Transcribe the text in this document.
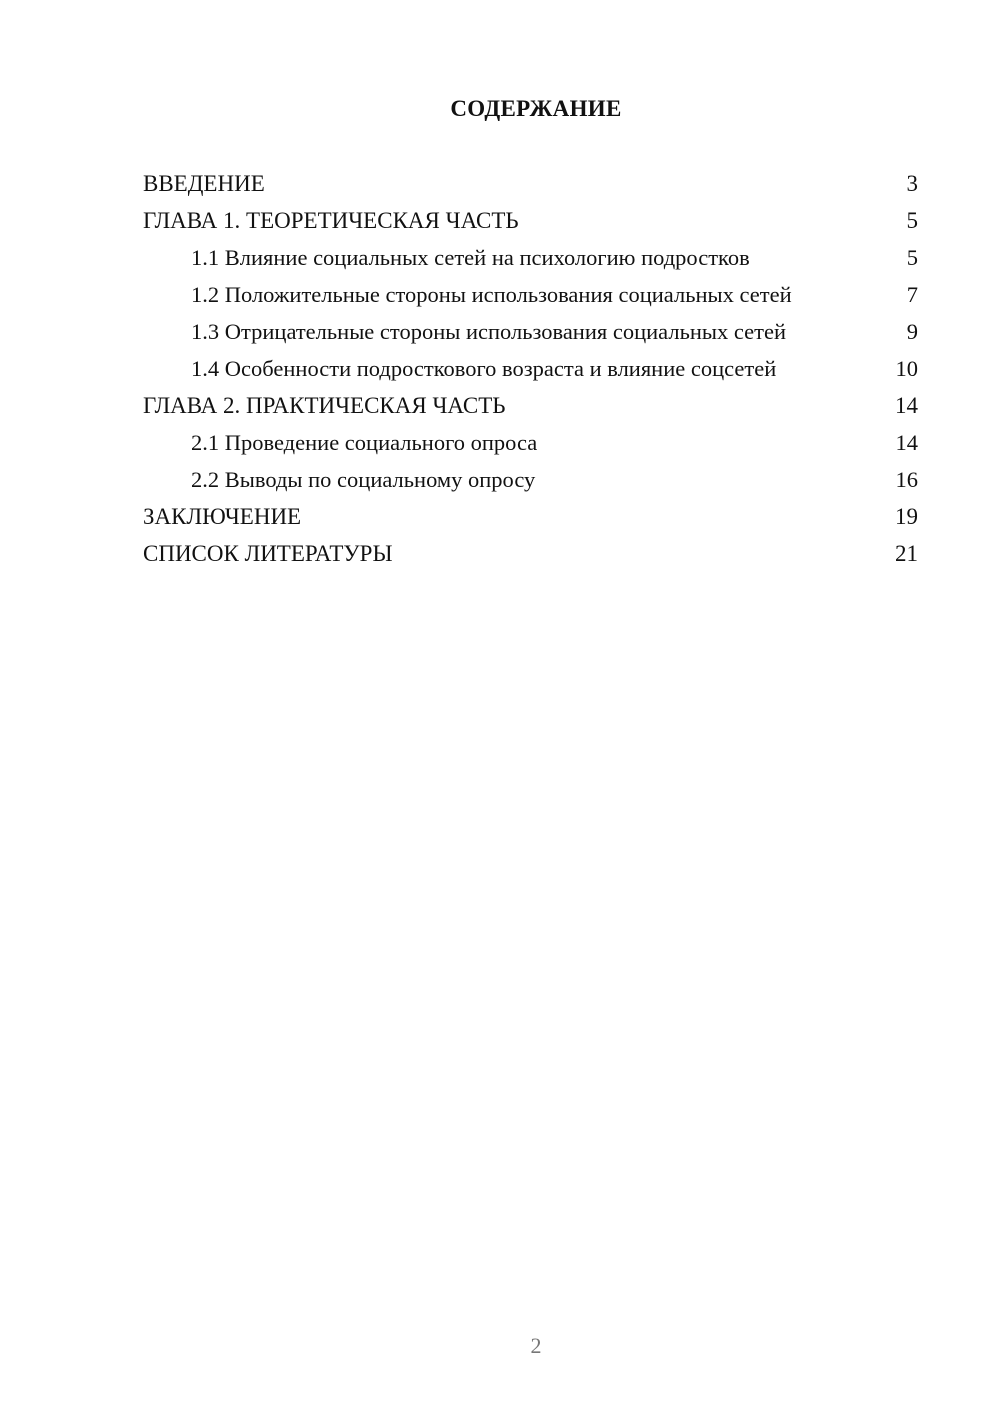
СОДЕРЖАНИЕ
ВВЕДЕНИЕ	3
ГЛАВА 1. ТЕОРЕТИЧЕСКАЯ ЧАСТЬ	5
1.1 Влияние социальных сетей на психологию подростков	5
1.2 Положительные стороны использования социальных сетей	7
1.3 Отрицательные стороны использования социальных сетей	9
1.4 Особенности подросткового возраста и влияние соцсетей	10
ГЛАВА 2. ПРАКТИЧЕСКАЯ ЧАСТЬ	14
2.1 Проведение социального опроса	14
2.2 Выводы по социальному опросу	16
ЗАКЛЮЧЕНИЕ	19
СПИСОК ЛИТЕРАТУРЫ	21
2
